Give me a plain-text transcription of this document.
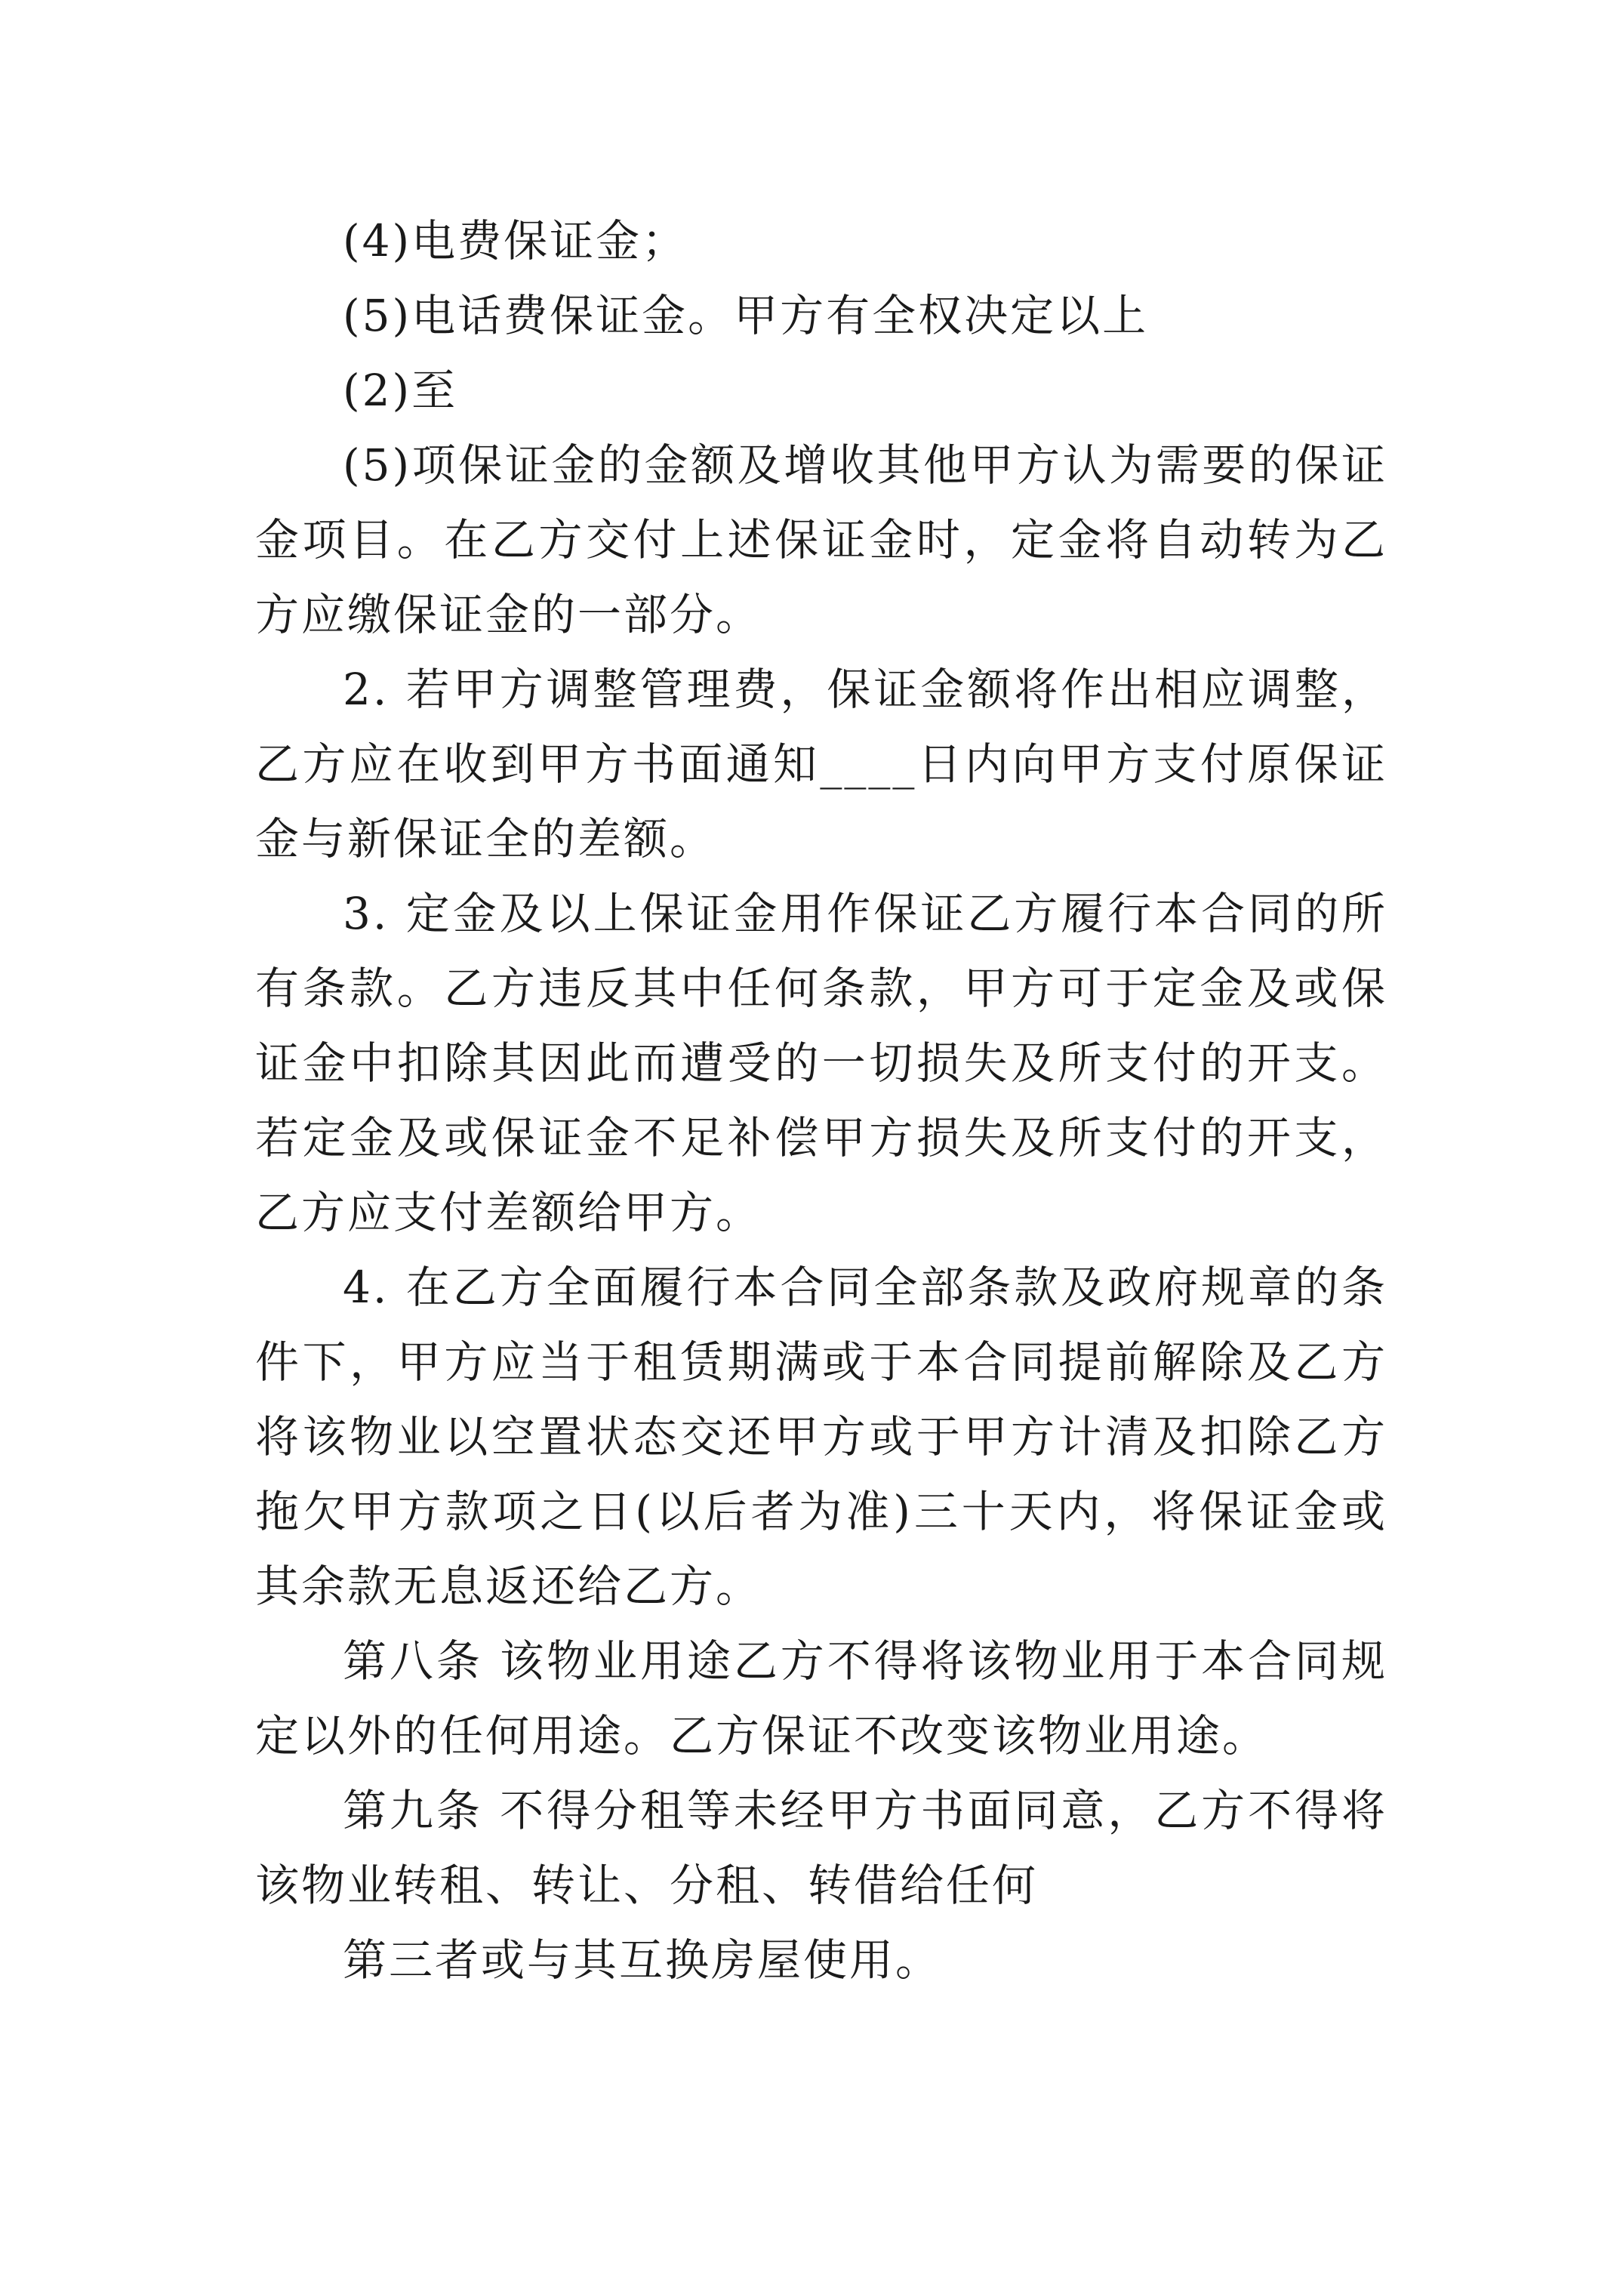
(4)电费保证金；

(5)电话费保证金。甲方有全权决定以上

(2)至

(5)项保证金的金额及增收其他甲方认为需要的保证金项目。在乙方交付上述保证金时，定金将自动转为乙方应缴保证金的一部分。

2. 若甲方调整管理费，保证金额将作出相应调整，乙方应在收到甲方书面通知____日内向甲方支付原保证金与新保证全的差额。

3. 定金及以上保证金用作保证乙方履行本合同的所有条款。乙方违反其中任何条款，甲方可于定金及或保证金中扣除其因此而遭受的一切损失及所支付的开支。若定金及或保证金不足补偿甲方损失及所支付的开支，乙方应支付差额给甲方。

4. 在乙方全面履行本合同全部条款及政府规章的条件下，甲方应当于租赁期满或于本合同提前解除及乙方将该物业以空置状态交还甲方或于甲方计清及扣除乙方拖欠甲方款项之日(以后者为准)三十天内，将保证金或其余款无息返还给乙方。

第八条 该物业用途乙方不得将该物业用于本合同规定以外的任何用途。乙方保证不改变该物业用途。

第九条 不得分租等未经甲方书面同意，乙方不得将该物业转租、转让、分租、转借给任何

第三者或与其互换房屋使用。
